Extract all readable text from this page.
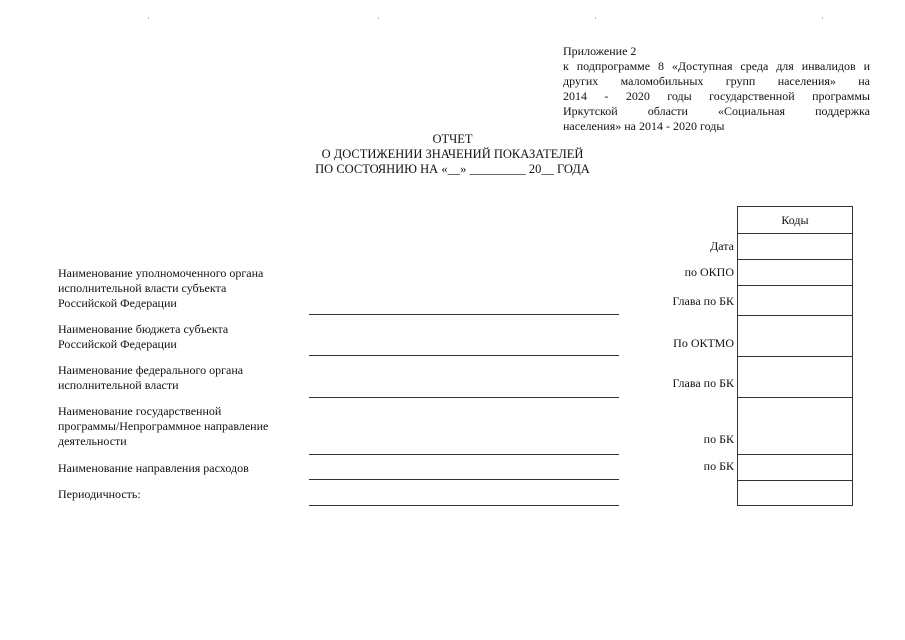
Приложение 2
к подпрограмме 8 «Доступная среда для инвалидов и
других маломобильных групп населения» на
2014 - 2020 годы государственной программы
Иркутской области «Социальная поддержка
населения» на 2014 - 2020 годы
ОТЧЕТ
О ДОСТИЖЕНИИ ЗНАЧЕНИЙ ПОКАЗАТЕЛЕЙ
ПО СОСТОЯНИЮ НА «__» _________ 20__ ГОДА
Наименование уполномоченного органа
исполнительной власти субъекта
Российской Федерации
Наименование бюджета субъекта
Российской Федерации
Наименование федерального органа
исполнительной власти
Наименование государственной
программы/Непрограммное направление
деятельности
Наименование направления расходов
Периодичность:
Дата
по ОКПО
Глава по БК
По ОКТМО
Глава по БК
по БК
по БК
Коды
